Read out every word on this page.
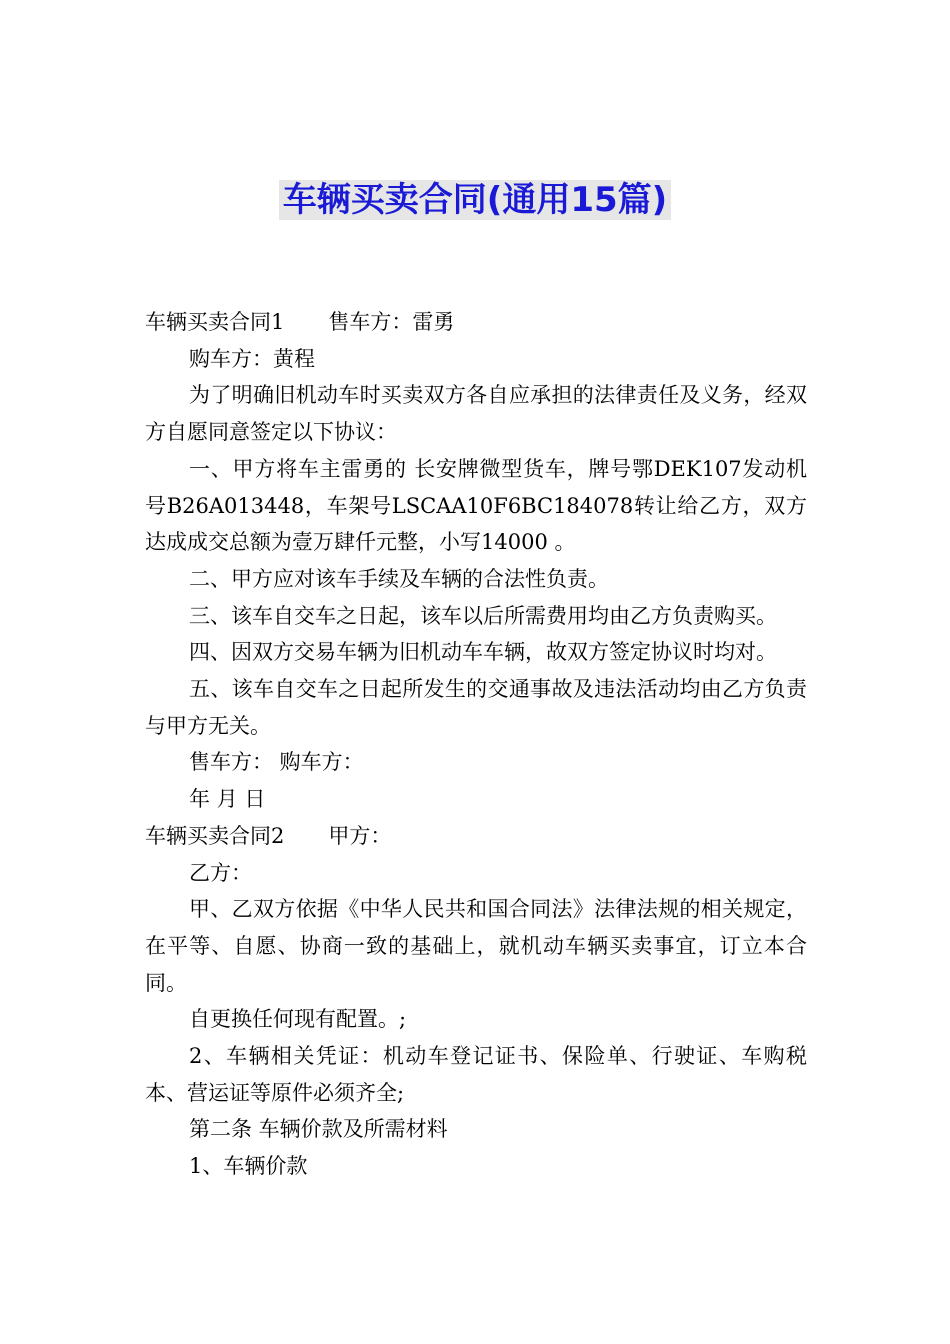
车辆买卖合同(通用15篇)

车辆买卖合同1 售车方：雷勇

购车方：黄程

为了明确旧机动车时买卖双方各自应承担的法律责任及义务，经双方自愿同意签定以下协议：

一、甲方将车主雷勇的 长安牌微型货车，牌号鄂DEK107发动机号B26A013448，车架号LSCAA10F6BC184078转让给乙方，双方达成成交总额为壹万肆仟元整，小写14000 。

二、甲方应对该车手续及车辆的合法性负责。

三、该车自交车之日起，该车以后所需费用均由乙方负责购买。

四、因双方交易车辆为旧机动车车辆，故双方签定协议时均对。

五、该车自交车之日起所发生的交通事故及违法活动均由乙方负责与甲方无关。

售车方： 购车方：

年 月 日

车辆买卖合同2 甲方：

乙方：

甲、乙双方依据《中华人民共和国合同法》法律法规的相关规定，在平等、自愿、协商一致的基础上，就机动车辆买卖事宜，订立本合同。

自更换任何现有配置。;

2、车辆相关凭证：机动车登记证书、保险单、行驶证、车购税本、营运证等原件必须齐全;

第二条 车辆价款及所需材料

1、车辆价款
